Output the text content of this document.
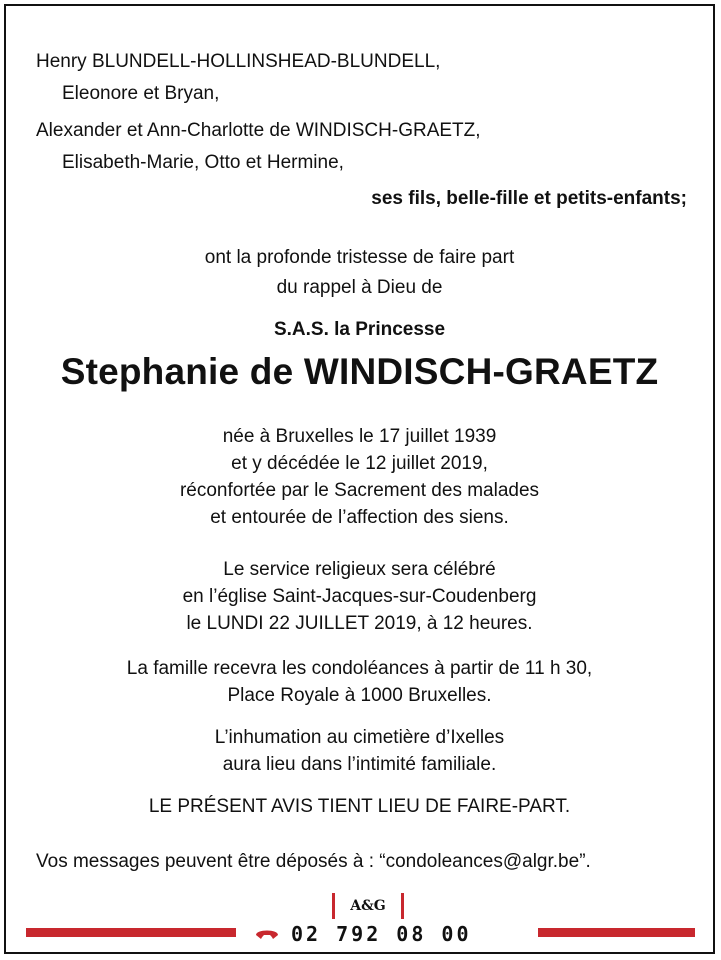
Henry BLUNDELL-HOLLINSHEAD-BLUNDELL,
Eleonore et Bryan,
Alexander et Ann-Charlotte de WINDISCH-GRAETZ,
Elisabeth-Marie, Otto et Hermine,
ses fils, belle-fille et petits-enfants;
ont la profonde tristesse de faire part
du rappel à Dieu de
S.A.S. la Princesse
Stephanie de WINDISCH-GRAETZ
née à Bruxelles le 17 juillet 1939
et y décédée le 12 juillet 2019,
réconfortée par le Sacrement des malades
et entourée de l’affection des siens.
Le service religieux sera célébré
en l’église Saint-Jacques-sur-Coudenberg
le LUNDI 22 JUILLET 2019, à 12 heures.
La famille recevra les condoléances à partir de 11 h 30,
Place Royale à 1000 Bruxelles.
L’inhumation au cimetière d’Ixelles
aura lieu dans l’intimité familiale.
LE PRÉSENT AVIS TIENT LIEU DE FAIRE-PART.
Vos messages peuvent être déposés à : “condoleances@algr.be”.
A&G
02 792 08 00
